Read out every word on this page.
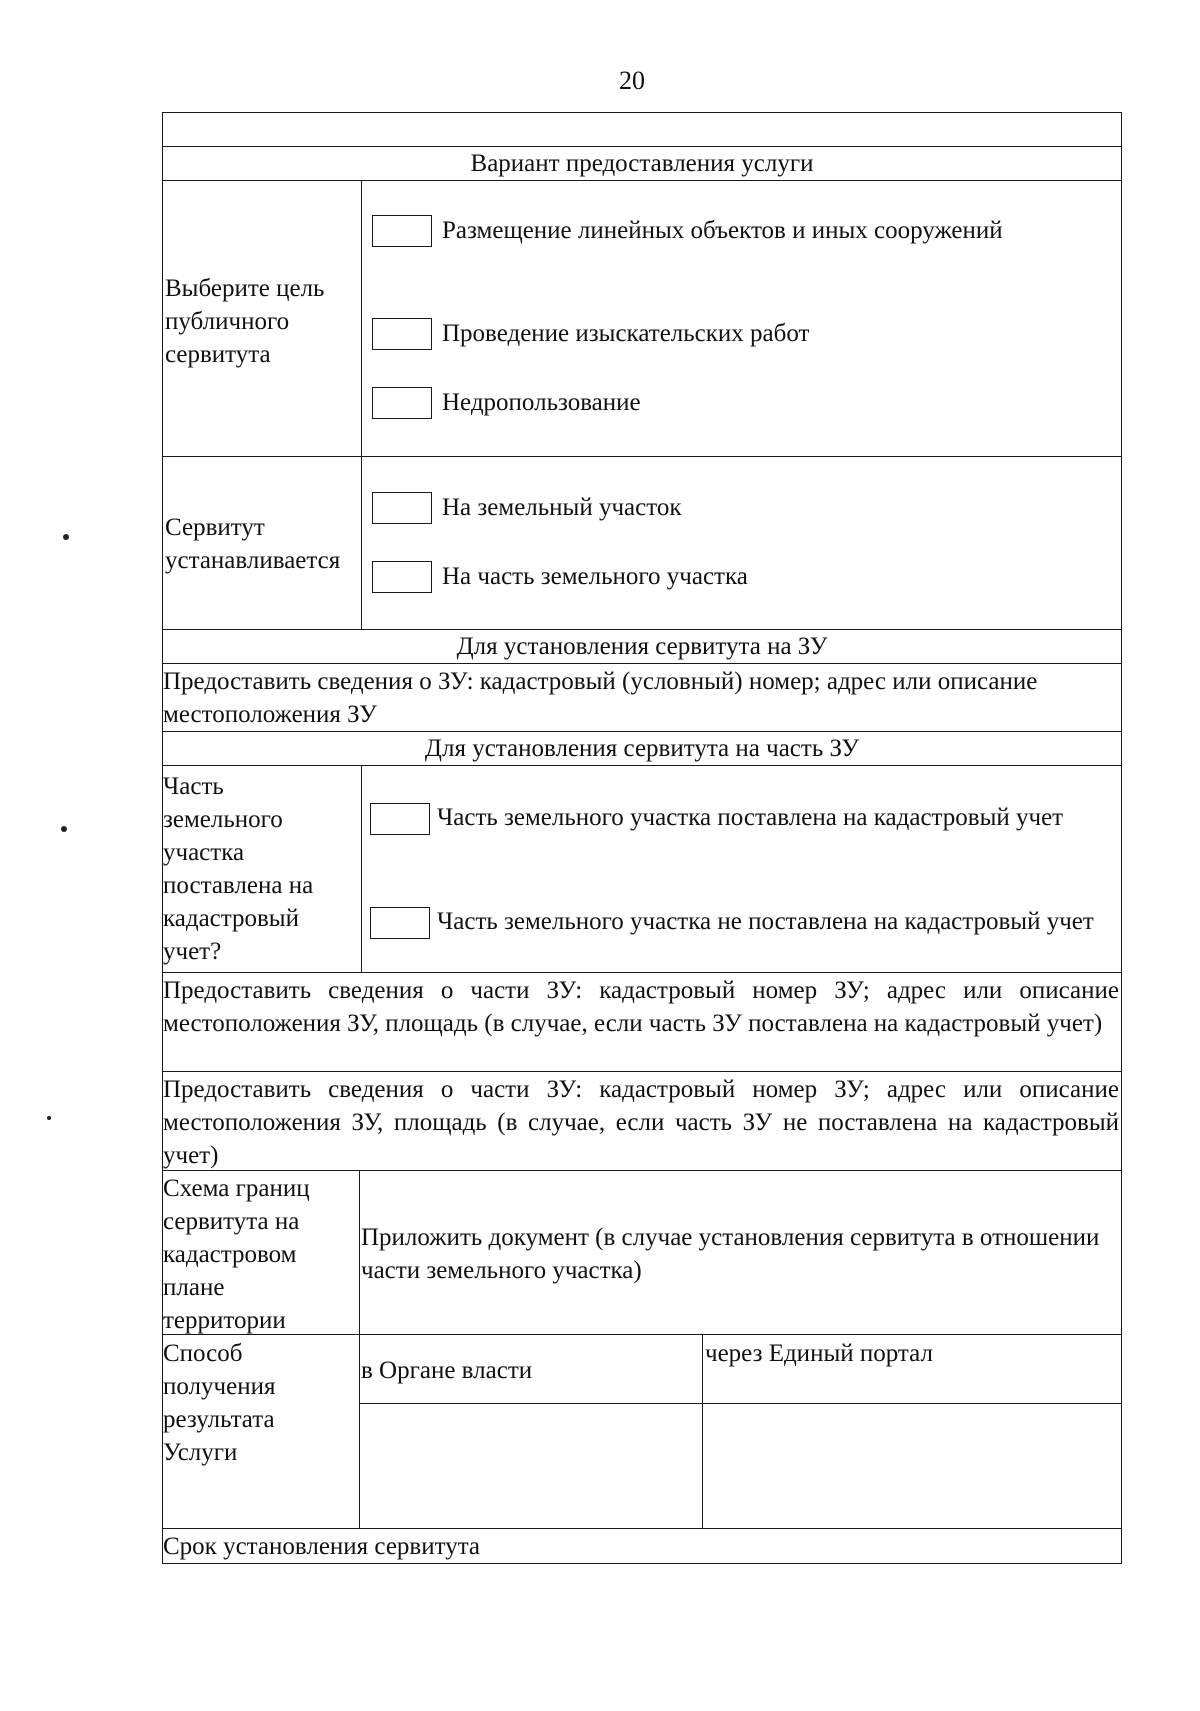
20
Вариант предоставления услуги
Выберите цель публичного сервитута
Размещение линейных объектов и иных сооружений
Проведение изыскательских работ
Недропользование
Сервитут устанавливается
На земельный участок
На часть земельного участка
Для установления сервитута на ЗУ
Предоставить сведения о ЗУ: кадастровый (условный) номер; адрес или описание местоположения ЗУ
Для установления сервитута на часть ЗУ
Часть земельного участка поставлена на кадастровый учет?
Часть земельного участка поставлена на кадастровый учет
Часть земельного участка не поставлена на кадастровый учет
Предоставить сведения о части ЗУ: кадастровый номер ЗУ; адрес или описание местоположения ЗУ, площадь (в случае, если часть ЗУ поставлена на кадастровый учет)
Предоставить сведения о части ЗУ: кадастровый номер ЗУ; адрес или описание местоположения ЗУ, площадь (в случае, если часть ЗУ не поставлена на кадастровый учет)
Схема границ сервитута на кадастровом плане территории
Приложить документ (в случае установления сервитута в отношении части земельного участка)
Способ получения результата Услуги
в Органе власти
через Единый портал
Срок установления сервитута
